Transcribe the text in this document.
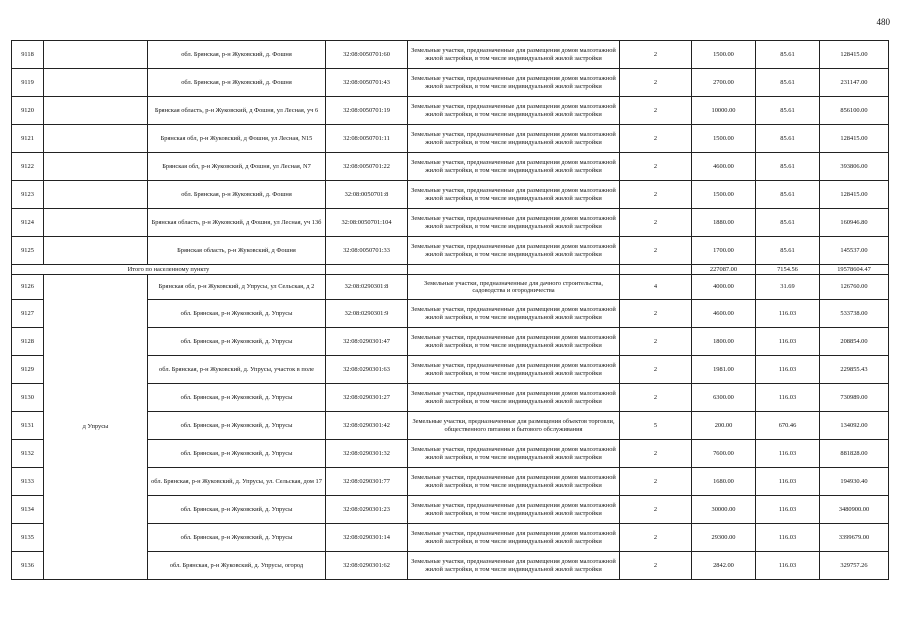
480
9118		обл. Брянская, р-н Жуковский, д. Фошня	32:08:0050701:60	Земельные участки, предназначенные для размещения домов малоэтажной жилой застройки, в том числе индивидуальной жилой застройки	2	1500.00	85.61	128415.00
9119		обл. Брянская, р-н Жуковский, д. Фошня	32:08:0050701:43	Земельные участки, предназначенные для размещения домов малоэтажной жилой застройки, в том числе индивидуальной жилой застройки	2	2700.00	85.61	231147.00
9120		Брянская область, р-н Жуковский, д Фошня, ул Лесная, уч 6	32:08:0050701:19	Земельные участки, предназначенные для размещения домов малоэтажной жилой застройки, в том числе индивидуальной жилой застройки	2	10000.00	85.61	856100.00
9121		Брянская обл, р-н Жуковский, д Фошня, ул Лесная, N15	32:08:0050701:11	Земельные участки, предназначенные для размещения домов малоэтажной жилой застройки, в том числе индивидуальной жилой застройки	2	1500.00	85.61	128415.00
9122		Брянская обл, р-н Жуковский, д Фошня, ул Лесная, N7	32:08:0050701:22	Земельные участки, предназначенные для размещения домов малоэтажной жилой застройки, в том числе индивидуальной жилой застройки	2	4600.00	85.61	393806.00
9123		обл. Брянская, р-н Жуковский, д. Фошня	32:08:0050701:8	Земельные участки, предназначенные для размещения домов малоэтажной жилой застройки, в том числе индивидуальной жилой застройки	2	1500.00	85.61	128415.00
9124		Брянская область, р-н Жуковский, д Фошня, ул Лесная, уч 13б	32:08:0050701:104	Земельные участки, предназначенные для размещения домов малоэтажной жилой застройки, в том числе индивидуальной жилой застройки	2	1880.00	85.61	160946.80
9125		Брянская область, р-н Жуковский, д Фошня	32:08:0050701:33	Земельные участки, предназначенные для размещения домов малоэтажной жилой застройки, в том числе индивидуальной жилой застройки	2	1700.00	85.61	145537.00
Итого по населенному пункту						227087.00	7154.56	19578604.47
9126	д Упрусы	Брянская обл, р-н Жуковский, д Упрусы, ул Сельская, д 2	32:08:0290301:8	Земельные участки, предназначенные для дачного строительства, садоводства и огородничества	4	4000.00	31.69	126760.00
9127		обл. Брянская, р-н Жуковский, д. Упрусы	32:08:0290301:9	Земельные участки, предназначенные для размещения домов малоэтажной жилой застройки, в том числе индивидуальной жилой застройки	2	4600.00	116.03	533738.00
9128		обл. Брянская, р-н Жуковский, д. Упрусы	32:08:0290301:47	Земельные участки, предназначенные для размещения домов малоэтажной жилой застройки, в том числе индивидуальной жилой застройки	2	1800.00	116.03	208854.00
9129		обл. Брянская, р-н Жуковский, д. Упрусы, участок в поле	32:08:0290301:63	Земельные участки, предназначенные для размещения домов малоэтажной жилой застройки, в том числе индивидуальной жилой застройки	2	1981.00	116.03	229855.43
9130		обл. Брянская, р-н Жуковский, д. Упрусы	32:08:0290301:27	Земельные участки, предназначенные для размещения домов малоэтажной жилой застройки, в том числе индивидуальной жилой застройки	2	6300.00	116.03	730989.00
9131		обл. Брянская, р-н Жуковский, д. Упрусы	32:08:0290301:42	Земельные участки, предназначенные для размещения объектов торговли, общественного питания и бытового обслуживания	5	200.00	670.46	134092.00
9132		обл. Брянская, р-н Жуковский, д. Упрусы	32:08:0290301:32	Земельные участки, предназначенные для размещения домов малоэтажной жилой застройки, в том числе индивидуальной жилой застройки	2	7600.00	116.03	881828.00
9133		обл. Брянская, р-н Жуковский, д. Упрусы, ул. Сельская, дом 17	32:08:0290301:77	Земельные участки, предназначенные для размещения домов малоэтажной жилой застройки, в том числе индивидуальной жилой застройки	2	1680.00	116.03	194930.40
9134		обл. Брянская, р-н Жуковский, д. Упрусы	32:08:0290301:23	Земельные участки, предназначенные для размещения домов малоэтажной жилой застройки, в том числе индивидуальной жилой застройки	2	30000.00	116.03	3480900.00
9135		обл. Брянская, р-н Жуковский, д. Упрусы	32:08:0290301:14	Земельные участки, предназначенные для размещения домов малоэтажной жилой застройки, в том числе индивидуальной жилой застройки	2	29300.00	116.03	3399679.00
9136		обл. Брянская, р-н Жуковский, д. Упрусы, огород	32:08:0290301:62	Земельные участки, предназначенные для размещения домов малоэтажной жилой застройки, в том числе индивидуальной жилой застройки	2	2842.00	116.03	329757.26
